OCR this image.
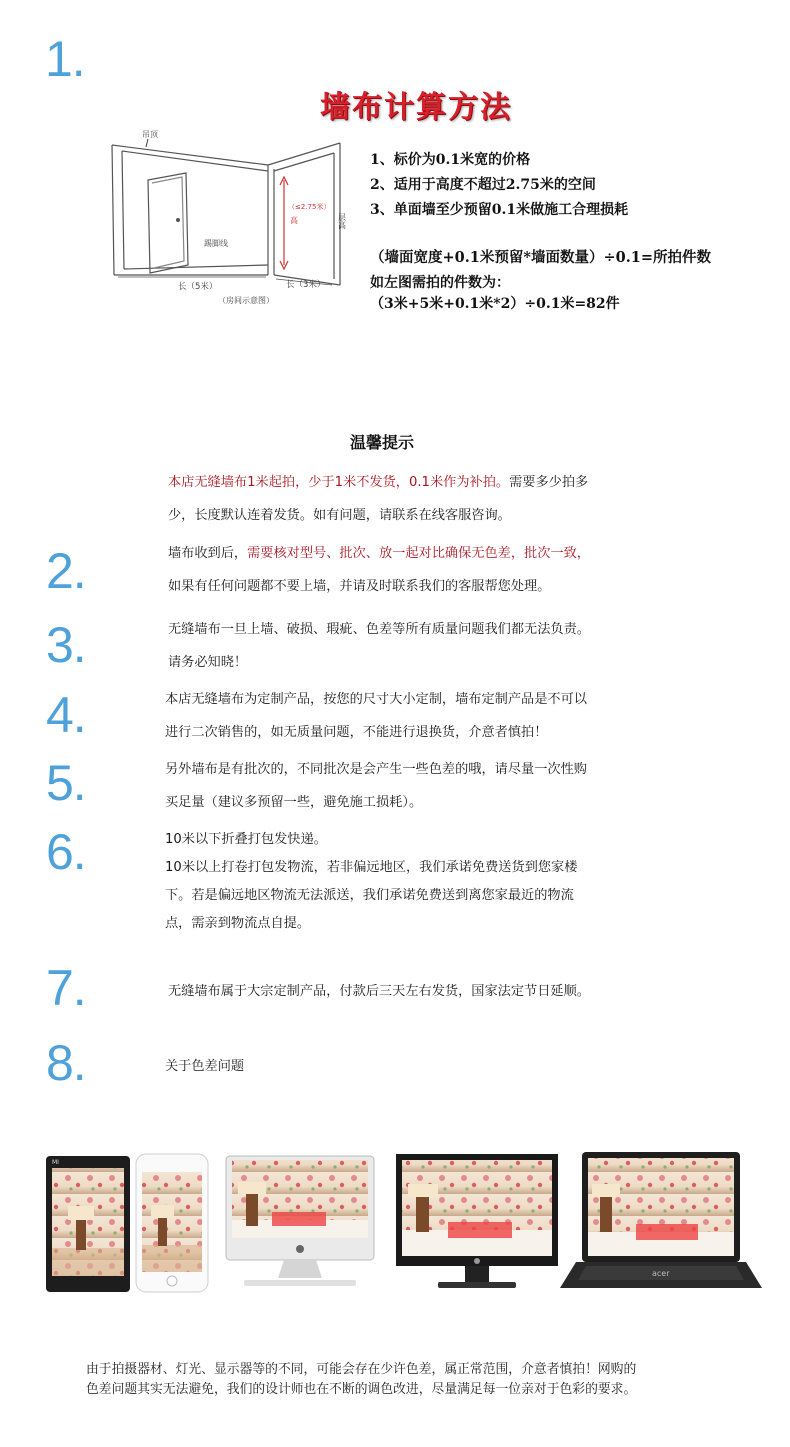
1.
2.
3.
4.
5.
6.
7.
8.
墙布计算方法
吊顶
（≤2.75米）
高	层高
踢脚线
长（5米）	长（3米）
（房间示意图）
1、标价为0.1米宽的价格
2、适用于高度不超过2.75米的空间
3、单面墙至少预留0.1米做施工合理损耗
（墙面宽度+0.1米预留*墙面数量）÷0.1=所拍件数
如左图需拍的件数为：
（3米+5米+0.1米*2）÷0.1米=82件
温馨提示
本店无缝墙布1米起拍，少于1米不发货，0.1米作为补拍。需要多少拍多
少，长度默认连着发货。如有问题，请联系在线客服咨询。
墙布收到后，需要核对型号、批次、放一起对比确保无色差，批次一致，
如果有任何问题都不要上墙，并请及时联系我们的客服帮您处理。
无缝墙布一旦上墙、破损、瑕疵、色差等所有质量问题我们都无法负责。
请务必知晓！
本店无缝墙布为定制产品，按您的尺寸大小定制，墙布定制产品是不可以
进行二次销售的，如无质量问题，不能进行退换货，介意者慎拍！
另外墙布是有批次的，不同批次是会产生一些色差的哦，请尽量一次性购
买足量（建议多预留一些，避免施工损耗）。
10米以下折叠打包发快递。
10米以上打卷打包发物流，若非偏远地区，我们承诺免费送货到您家楼
下。若是偏远地区物流无法派送，我们承诺免费送到离您家最近的物流
点，需亲到物流点自提。
无缝墙布属于大宗定制产品，付款后三天左右发货，国家法定节日延顺。
关于色差问题
MI
acer
由于拍摄器材、灯光、显示器等的不同，可能会存在少许色差，属正常范围，介意者慎拍！网购的
色差问题其实无法避免，我们的设计师也在不断的调色改进，尽量满足每一位亲对于色彩的要求。
